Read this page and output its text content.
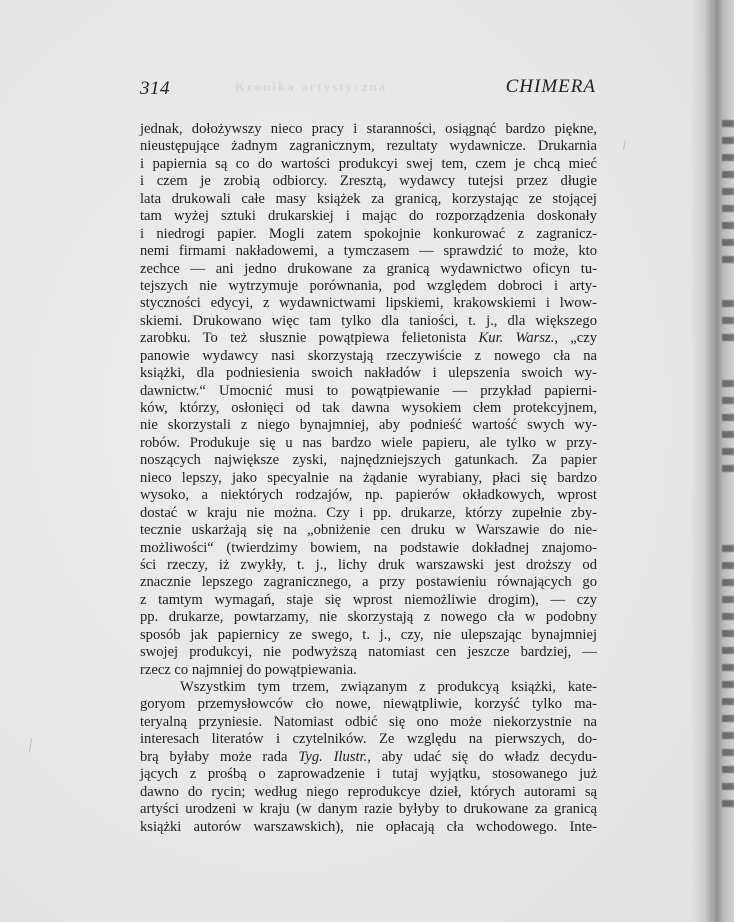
Kronika artystyczna
314	CHIMERA
jednak, dołożywszy nieco pracy i staranności, osiągnąć bardzo piękne,
nieustępujące żadnym zagranicznym, rezultaty wydawnicze. Drukarnia
i papiernia są co do wartości produkcyi swej tem, czem je chcą mieć
i czem je zrobią odbiorcy. Zresztą, wydawcy tutejsi przez długie
lata drukowali całe masy książek za granicą, korzystając ze stojącej
tam wyżej sztuki drukarskiej i mając do rozporządzenia doskonały
i niedrogi papier. Mogli zatem spokojnie konkurować z zagranicz-
nemi firmami nakładowemi, a tymczasem — sprawdzić to może, kto
zechce — ani jedno drukowane za granicą wydawnictwo oficyn tu-
tejszych nie wytrzymuje porównania, pod względem dobroci i arty-
styczności edycyi, z wydawnictwami lipskiemi, krakowskiemi i lwow-
skiemi. Drukowano więc tam tylko dla taniości, t. j., dla większego
zarobku. To też słusznie powątpiewa felietonista Kur. Warsz., „czy
panowie wydawcy nasi skorzystają rzeczywiście z nowego cła na
książki, dla podniesienia swoich nakładów i ulepszenia swoich wy-
dawnictw.“ Umocnić musi to powątpiewanie — przykład papierni-
ków, którzy, osłonięci od tak dawna wysokiem cłem protekcyjnem,
nie skorzystali z niego bynajmniej, aby podnieść wartość swych wy-
robów. Produkuje się u nas bardzo wiele papieru, ale tylko w przy-
noszących największe zyski, najnędzniejszych gatunkach. Za papier
nieco lepszy, jako specyalnie na żądanie wyrabiany, płaci się bardzo
wysoko, a niektórych rodzajów, np. papierów okładkowych, wprost
dostać w kraju nie można. Czy i pp. drukarze, którzy zupełnie zby-
tecznie uskarżają się na „obniżenie cen druku w Warszawie do nie-
możliwości“ (twierdzimy bowiem, na podstawie dokładnej znajomo-
ści rzeczy, iż zwykły, t. j., lichy druk warszawski jest droższy od
znacznie lepszego zagranicznego, a przy postawieniu równających go
z tamtym wymagań, staje się wprost niemożliwie drogim), — czy
pp. drukarze, powtarzamy, nie skorzystają z nowego cła w podobny
sposób jak papiernicy ze swego, t. j., czy, nie ulepszając bynajmniej
swojej produkcyi, nie podwyższą natomiast cen jeszcze bardziej, —
rzecz co najmniej do powątpiewania.
Wszystkim tym trzem, związanym z produkcyą książki, kate-
goryom przemysłowców cło nowe, niewątpliwie, korzyść tylko ma-
teryalną przyniesie. Natomiast odbić się ono może niekorzystnie na
interesach literatów i czytelników. Ze względu na pierwszych, do-
brą byłaby może rada Tyg. Ilustr., aby udać się do władz decydu-
jących z prośbą o zaprowadzenie i tutaj wyjątku, stosowanego już
dawno do rycin; według niego reprodukcye dzieł, których autorami są
artyści urodzeni w kraju (w danym razie byłyby to drukowane za granicą
książki autorów warszawskich), nie opłacają cła wchodowego. Inte-
